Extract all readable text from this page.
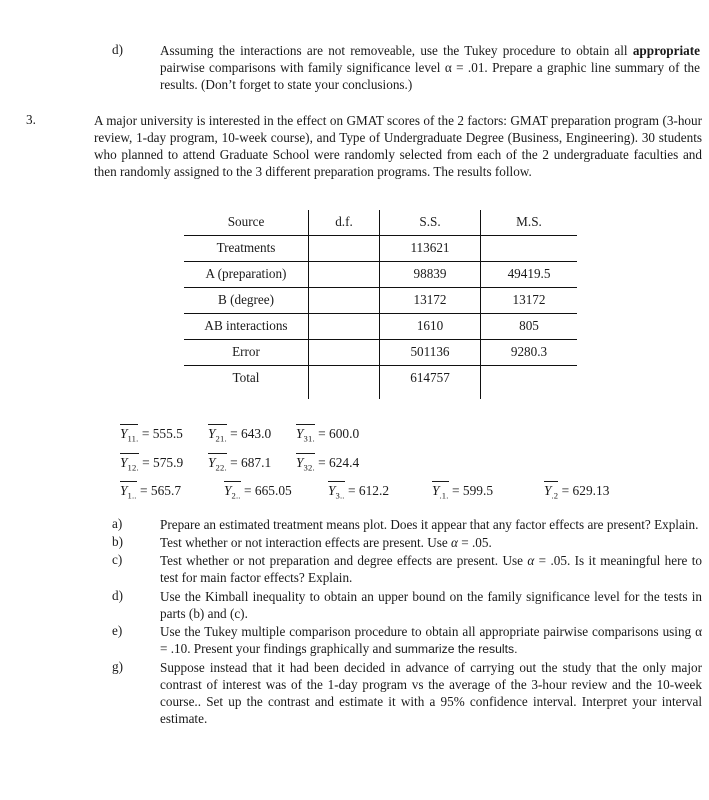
d)	Assuming the interactions are not removeable, use the Tukey procedure to obtain all appropriate pairwise comparisons with family significance level α = .01. Prepare a graphic line summary of the results. (Don’t forget to state your conclusions.)
3.	A major university is interested in the effect on GMAT scores of the 2 factors: GMAT preparation program (3-hour review, 1-day program, 10-week course), and Type of Undergraduate Degree (Business, Engineering). 30 students who planned to attend Graduate School were randomly selected from each of the 2 undergraduate faculties and then randomly assigned to the 3 different preparation programs. The results follow.
Source	d.f.	S.S.	M.S.
Treatments		113621	
A (preparation)		98839	49419.5
B (degree)		13172	13172
AB interactions		1610	805
Error		501136	9280.3
Total		614757	
$Y_{11.} = 555.5$	$Y_{21.} = 643.0$	$Y_{31.} = 600.0$
$Y_{12.} = 575.9$	$Y_{22.} = 687.1$	$Y_{32.} = 624.4$
$Y_{1..} = 565.7$	$Y_{2..} = 665.05$	$Y_{3..} = 612.2$	$Y_{.1.} = 599.5$	$Y_{.2} = 629.13$
a)	Prepare an estimated treatment means plot. Does it appear that any factor effects are present? Explain.
b)	Test whether or not interaction effects are present. Use α = .05.
c)	Test whether or not preparation and degree effects are present. Use α = .05. Is it meaningful here to test for main factor effects? Explain.
d)	Use the Kimball inequality to obtain an upper bound on the family significance level for the tests in parts (b) and (c).
e)	Use the Tukey multiple comparison procedure to obtain all appropriate pairwise comparisons using α = .10. Present your findings graphically and summarize the results.
g)	Suppose instead that it had been decided in advance of carrying out the study that the only major contrast of interest was of the 1-day program vs the average of the 3-hour review and the 10-week course.. Set up the contrast and estimate it with a 95% confidence interval. Interpret your interval estimate.
